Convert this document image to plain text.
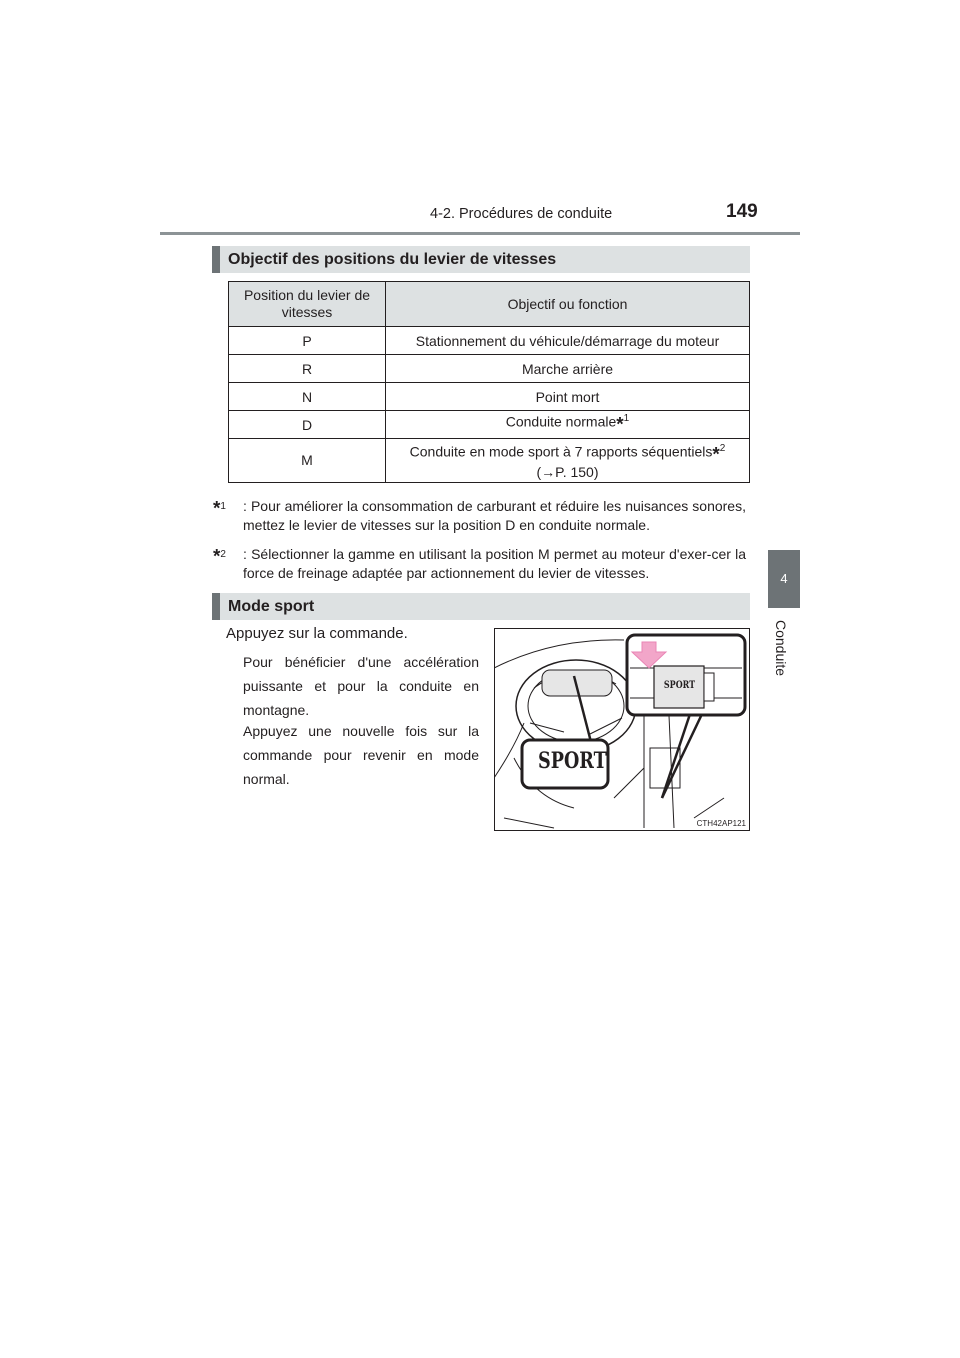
4-2. Procédures de conduite	149
4
Conduite
Objectif des positions du levier de vitesses
Position du levier de vitesses	Objectif ou fonction
P	Stationnement du véhicule/démarrage du moteur
R	Marche arrière
N	Point mort
D	Conduite normale*$^1$
M	Conduite en mode sport à 7 rapports séquentiels*$^2$
(→P. 150)
*$^1$ : Pour améliorer la consommation de carburant et réduire les nuisances sonores, mettez le levier de vitesses sur la position D en conduite normale.
*$^2$ : Sélectionner la gamme en utilisant la position M permet au moteur d'exer-cer la force de freinage adaptée par actionnement du levier de vitesses.
Mode sport
Appuyez sur la commande.
Pour bénéficier d'une accélération puissante et pour la conduite en montagne.
Appuyez une nouvelle fois sur la commande pour revenir en mode normal.
SPORT
SPORT
CTH42AP121
